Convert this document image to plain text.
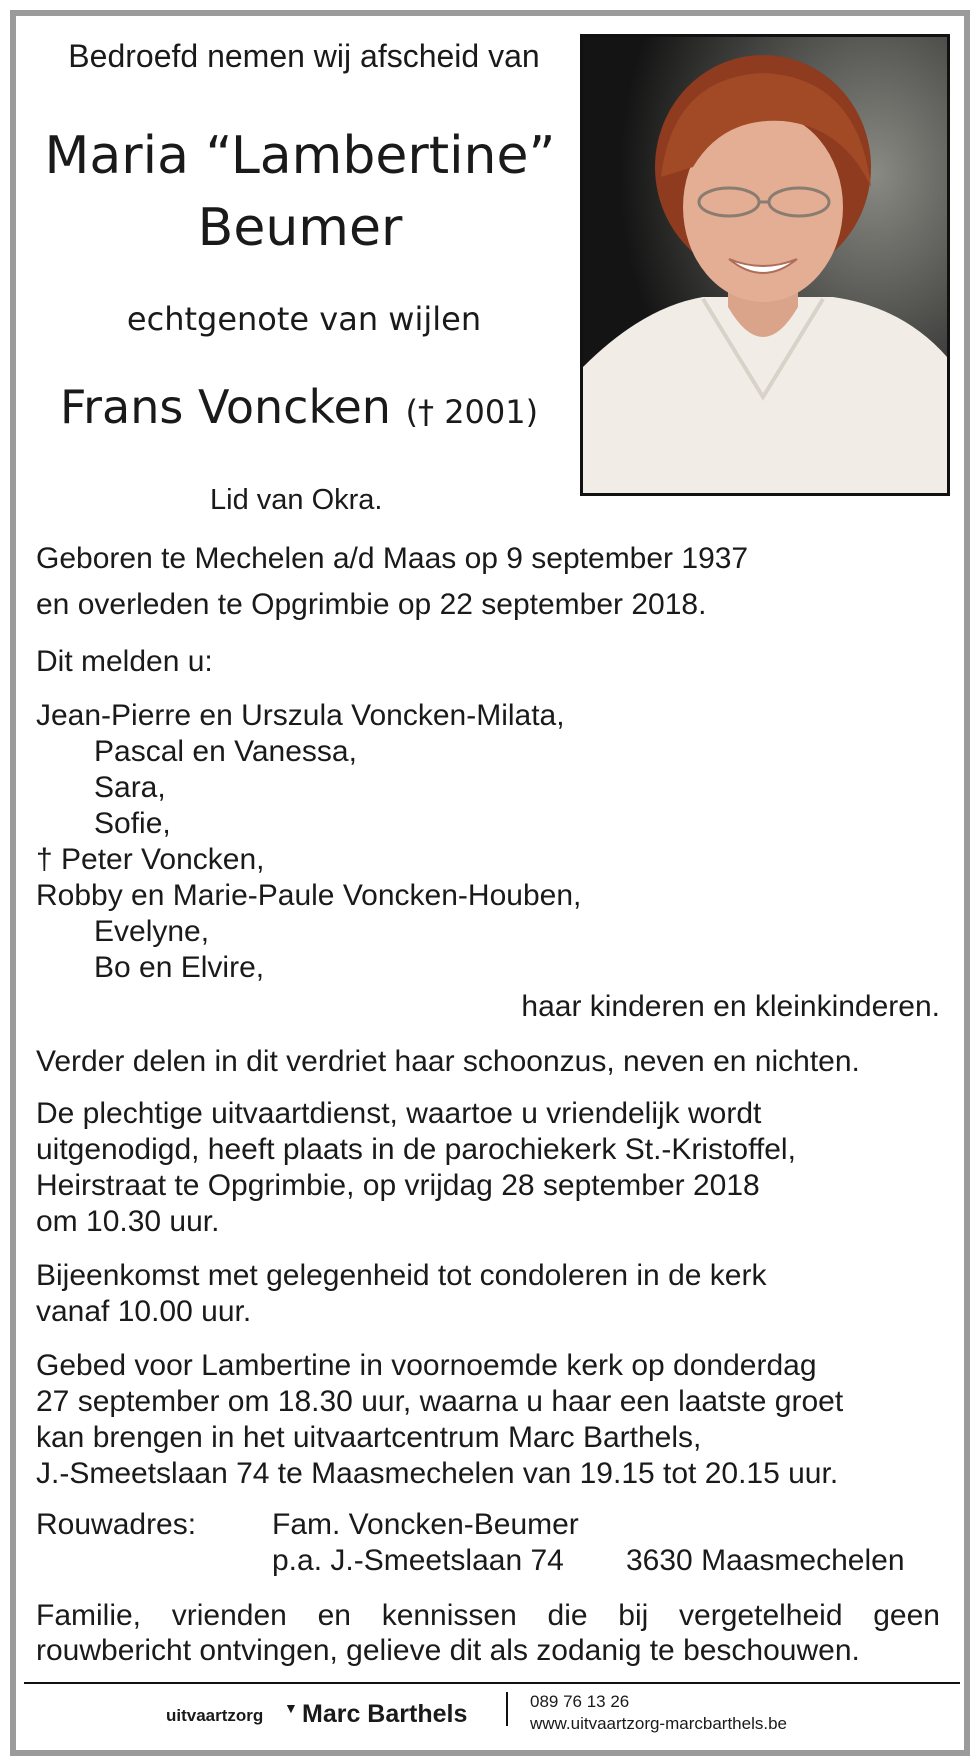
Bedroefd nemen wij afscheid van
Maria “Lambertine”
Beumer
echtgenote van wijlen
Frans Voncken († 2001)
Lid van Okra.
Geboren te Mechelen a/d Maas op 9 september 1937
en overleden te Opgrimbie op 22 september 2018.
Dit melden u:
Jean-Pierre en Urszula Voncken-Milata,
Pascal en Vanessa,
Sara,
Sofie,
† Peter Voncken,
Robby en Marie-Paule Voncken-Houben,
Evelyne,
Bo en Elvire,
haar kinderen en kleinkinderen.
Verder delen in dit verdriet haar schoonzus, neven en nichten.
De plechtige uitvaartdienst, waartoe u vriendelijk wordt
uitgenodigd, heeft plaats in de parochiekerk St.-Kristoffel,
Heirstraat te Opgrimbie, op vrijdag 28 september 2018
om 10.30 uur.
Bijeenkomst met gelegenheid tot condoleren in de kerk
vanaf 10.00 uur.
Gebed voor Lambertine in voornoemde kerk op donderdag
27 september om 18.30 uur, waarna u haar een laatste groet
kan brengen in het uitvaartcentrum Marc Barthels,
J.-Smeetslaan 74 te Maasmechelen van 19.15 tot 20.15 uur.
Rouwadres:	Fam. Voncken-Beumer
p.a. J.-Smeetslaan 74 3630 Maasmechelen
Familie, vrienden en kennissen die bij vergetelheid geen
rouwbericht ontvingen, gelieve dit als zodanig te beschouwen.
uitvaartzorg ▼ Marc Barthels	089 76 13 26
www.uitvaartzorg-marcbarthels.be
